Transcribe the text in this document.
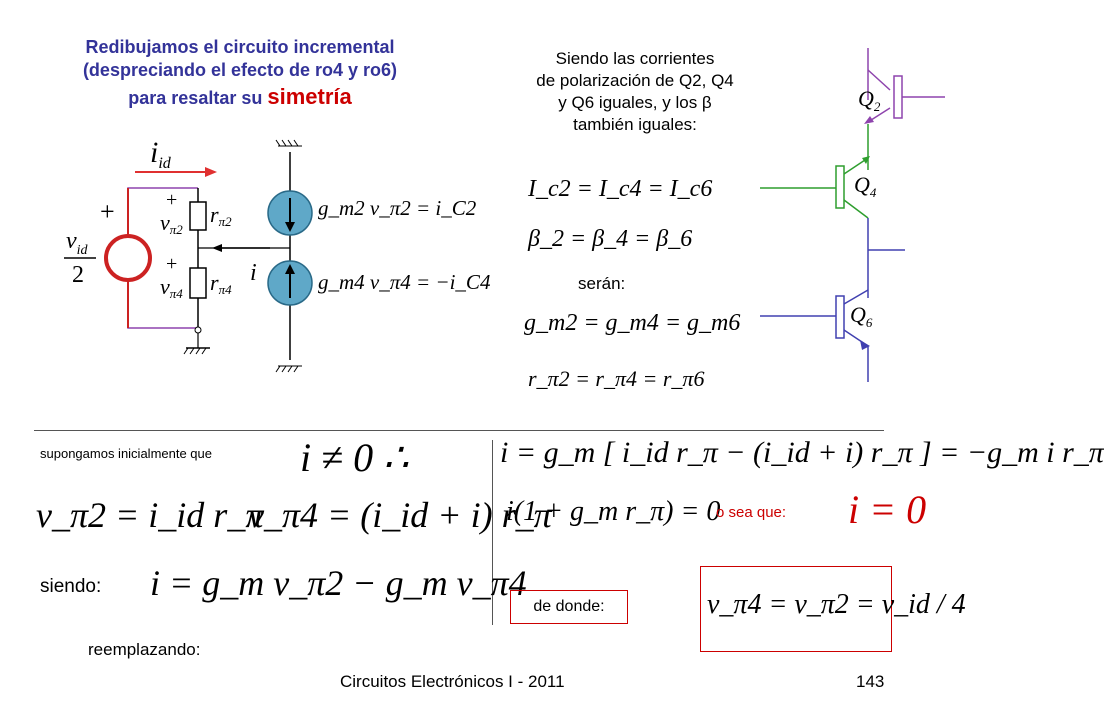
Redibujamos el circuito incremental
(despreciando el efecto de ro4 y ro6)
para resaltar su simetría
$i_{id}$
+
$v_{id}$
2
+
vπ2
rπ2
+
vπ4 rπ4
i
g_m2 v_π2 = i_C2
g_m4 v_π4 = −i_C4
Siendo las corrientes
de polarización de Q2, Q4
y Q6 iguales, y los β
también iguales:
I_c2 = I_c4 = I_c6
β_2 = β_4 = β_6
serán:
g_m2 = g_m4 = g_m6
r_π2 = r_π4 = r_π6
$Q_2$
$Q_4$
$Q_6$
supongamos inicialmente que i ≠ 0 ∴
v_π2 = i_id r_π
v_π4 = (i_id + i) r_π
siendo: i = g_m v_π2 − g_m v_π4
reemplazando:
i = g_m [ i_id r_π − (i_id + i) r_π ] = −g_m i r_π
i(1 + g_m r_π) = 0
o sea que: i = 0
de donde:	v_π4 = v_π2 = v_id / 4
Circuitos Electrónicos I - 2011	143
